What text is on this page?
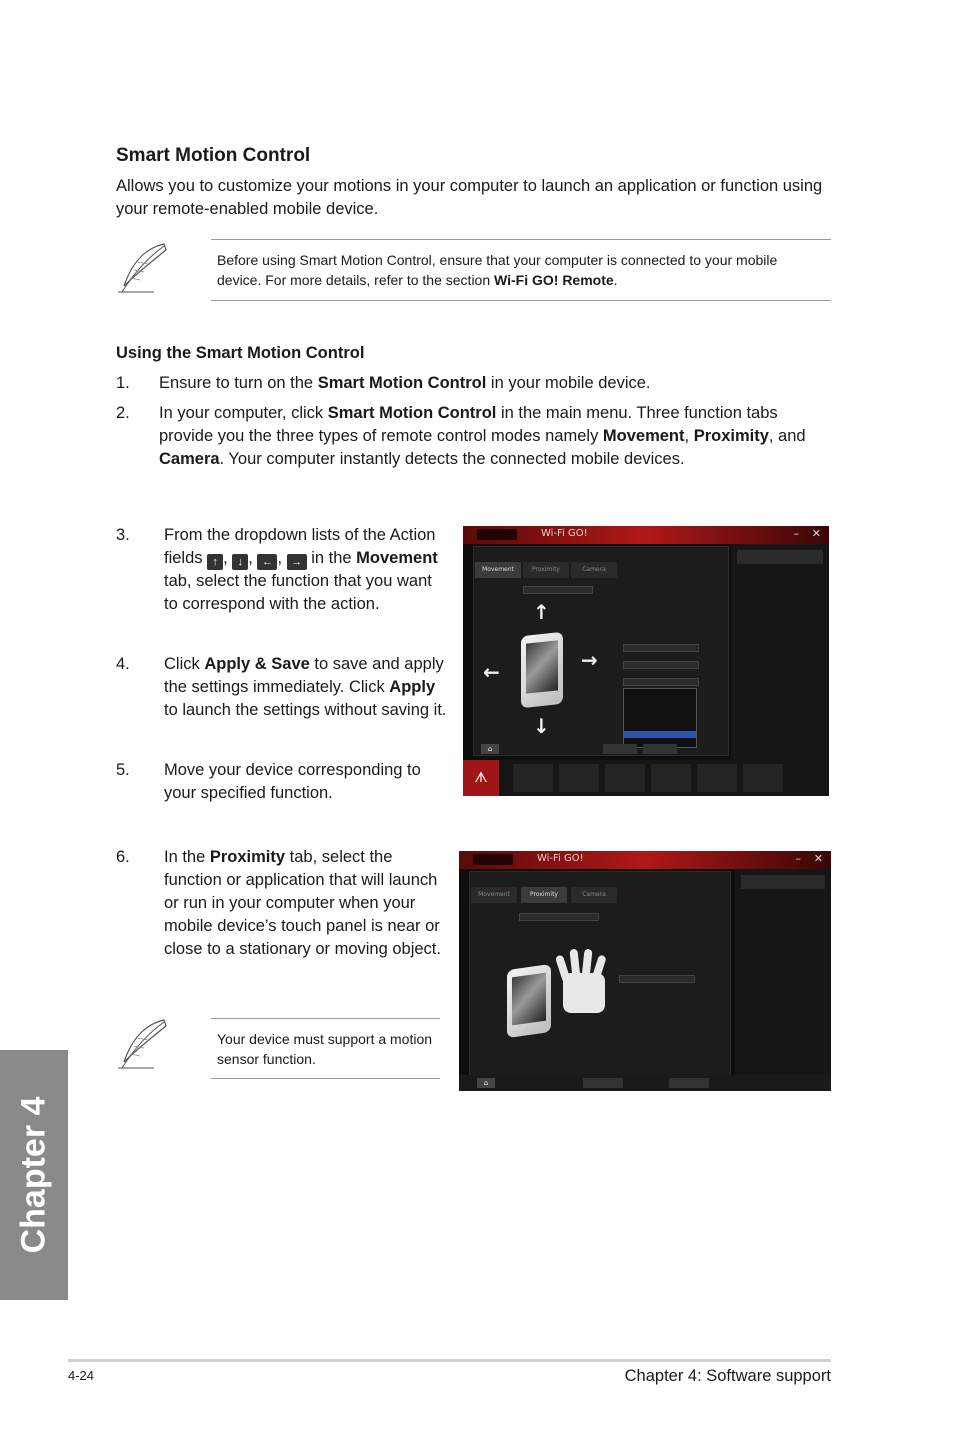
Smart Motion Control
Allows you to customize your motions in your computer to launch an application or function using your remote-enabled mobile device.
Before using Smart Motion Control, ensure that your computer is connected to your mobile device. For more details, refer to the section Wi-Fi GO! Remote.
Using the Smart Motion Control
1.	Ensure to turn on the Smart Motion Control in your mobile device.
2.	In your computer, click Smart Motion Control in the main menu. Three function tabs provide you the three types of remote control modes namely Movement, Proximity, and Camera. Your computer instantly detects the connected mobile devices.
3.	From the dropdown lists of the Action fields ↑ , ↓ , ← , → in the Movement tab, select the function that you want to correspond with the action.
4.	Click Apply & Save to save and apply the settings immediately. Click Apply to launch the settings without saving it.
5.	Move your device corresponding to your specified function.
Wi-Fi GO!	– ✕
Movement	Proximity	Camera
↑
↓
←	→
⌂
ᗑ
6.	In the Proximity tab, select the function or application that will launch or run in your computer when your mobile device’s touch panel is near or close to a stationary or moving object.
Your device must support a motion sensor function.
Wi-Fi GO!	– ✕
Movement	Proximity	Camera
⌂
Chapter 4
4-24	Chapter 4: Software support
